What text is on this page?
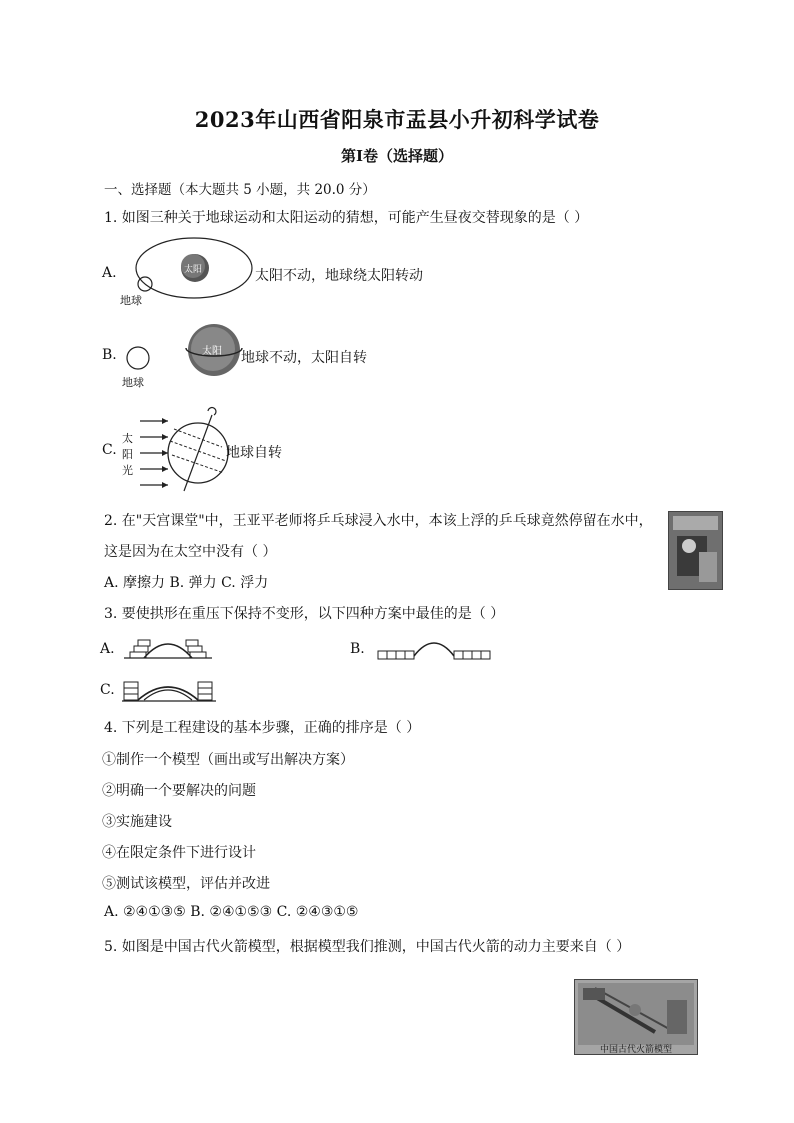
2023年山西省阳泉市盂县小升初科学试卷
第Ⅰ卷（选择题）
一、选择题（本大题共 5 小题，共 20.0 分）
1. 如图三种关于地球运动和太阳运动的猜想，可能产生昼夜交替现象的是（ ）
A.	太阳
地球
太阳不动，地球绕太阳转动
B.
地球
太阳 地球不动，太阳自转
C.
太
阳
光
地球自转
2. 在"天宫课堂"中，王亚平老师将乒乓球浸入水中，本该上浮的乒乓球竟然停留在水中，
这是因为在太空中没有（ ）
A. 摩擦力 B. 弹力 C. 浮力
3. 要使拱形在重压下保持不变形，以下四种方案中最佳的是（ ）
A.	B.
C.
4. 下列是工程建设的基本步骤，正确的排序是（ ）
①制作一个模型（画出或写出解决方案）
②明确一个要解决的问题
③实施建设
④在限定条件下进行设计
⑤测试该模型，评估并改进
A. ②④①③⑤ B. ②④①⑤③ C. ②④③①⑤
5. 如图是中国古代火箭模型，根据模型我们推测，中国古代火箭的动力主要来自（ ）
中国古代火箭模型
